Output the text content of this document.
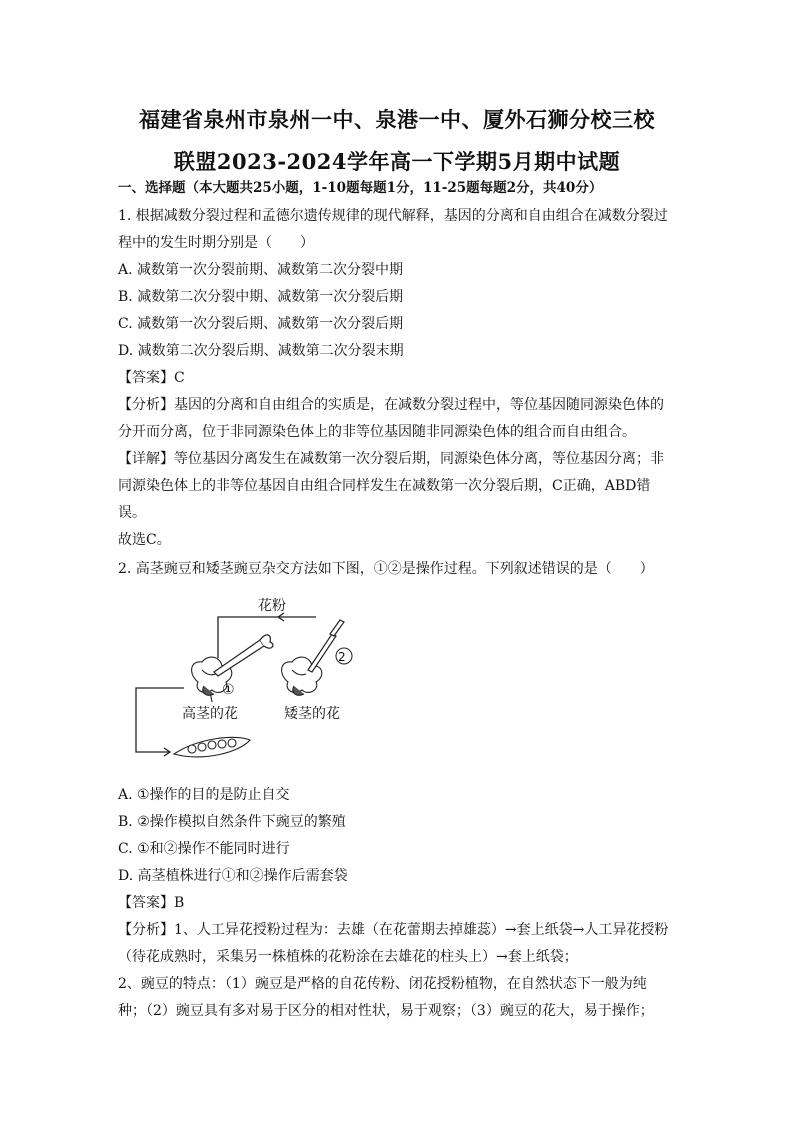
福建省泉州市泉州一中、泉港一中、厦外石狮分校三校
联盟2023-2024学年高一下学期5月期中试题
一、选择题（本大题共25小题，1-10题每题1分，11-25题每题2分，共40分）
1. 根据减数分裂过程和孟德尔遗传规律的现代解释，基因的分离和自由组合在减数分裂过
程中的发生时期分别是（　　）
A. 减数第一次分裂前期、减数第二次分裂中期
B. 减数第二次分裂中期、减数第一次分裂后期
C. 减数第一次分裂后期、减数第一次分裂后期
D. 减数第二次分裂后期、减数第二次分裂末期
【答案】C
【分析】基因的分离和自由组合的实质是，在减数分裂过程中，等位基因随同源染色体的
分开而分离，位于非同源染色体上的非等位基因随非同源染色体的组合而自由组合。
【详解】等位基因分离发生在减数第一次分裂后期，同源染色体分离，等位基因分离；非
同源染色体上的非等位基因自由组合同样发生在减数第一次分裂后期，C正确，ABD错
误。
故选C。
2. 高茎豌豆和矮茎豌豆杂交方法如下图，①②是操作过程。下列叙述错误的是（　　）
花粉
①
2
高茎的花	矮茎的花
A. ①操作的目的是防止自交
B. ②操作模拟自然条件下豌豆的繁殖
C. ①和②操作不能同时进行
D. 高茎植株进行①和②操作后需套袋
【答案】B
【分析】1、人工异花授粉过程为：去雄（在花蕾期去掉雄蕊）→套上纸袋→人工异花授粉
（待花成熟时，采集另一株植株的花粉涂在去雄花的柱头上）→套上纸袋；
2、豌豆的特点：（1）豌豆是严格的自花传粉、闭花授粉植物，在自然状态下一般为纯
种；（2）豌豆具有多对易于区分的相对性状，易于观察；（3）豌豆的花大，易于操作；
